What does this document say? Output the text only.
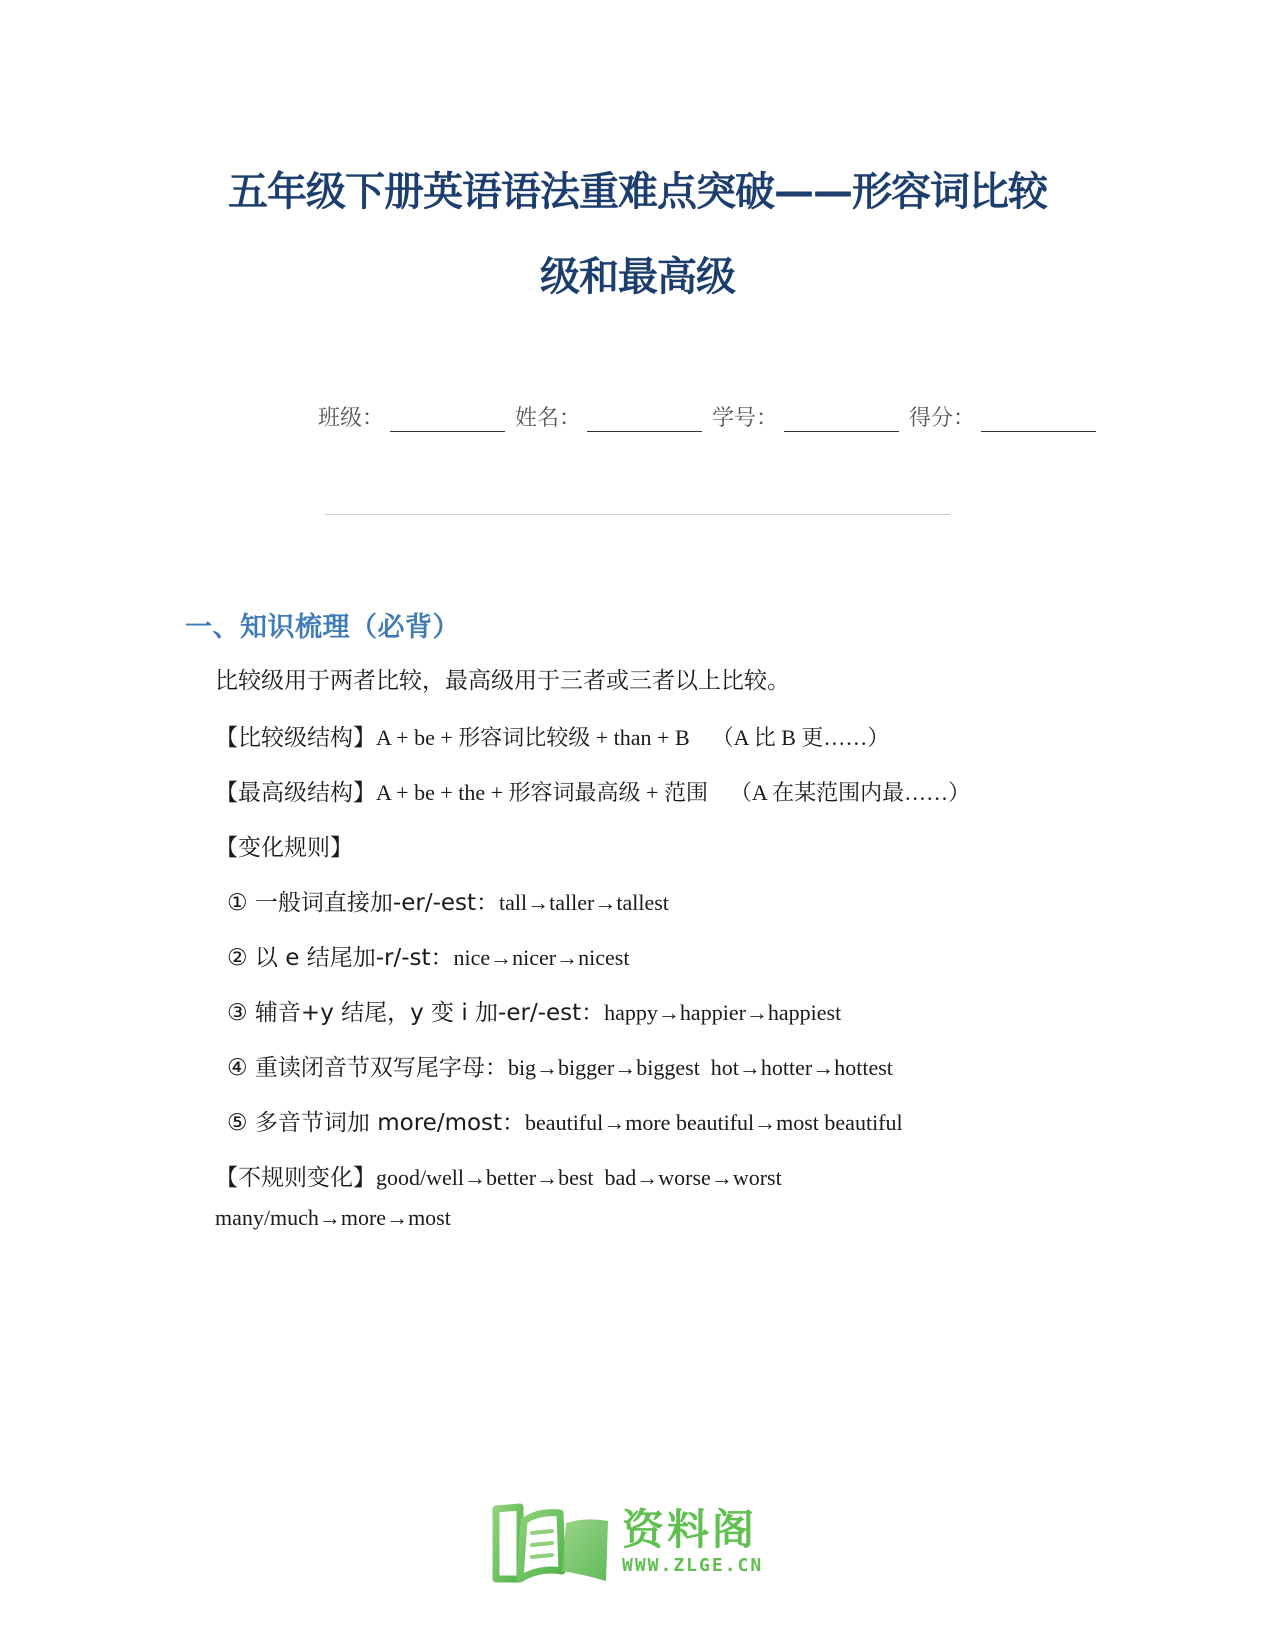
五年级下册英语语法重难点突破——形容词比较
级和最高级
班级：	姓名：	学号：	得分：
一、知识梳理（必背）
比较级用于两者比较，最高级用于三者或三者以上比较。
【比较级结构】A + be + 形容词比较级 + than + B （A 比 B 更……）
【最高级结构】A + be + the + 形容词最高级 + 范围 （A 在某范围内最……）
【变化规则】
① 一般词直接加-er/-est：tall→taller→tallest
② 以 e 结尾加-r/-st：nice→nicer→nicest
③ 辅音+y 结尾，y 变 i 加-er/-est：happy→happier→happiest
④ 重读闭音节双写尾字母：big→bigger→biggest  hot→hotter→hottest
⑤ 多音节词加 more/most：beautiful→more beautiful→most beautiful
【不规则变化】good/well→better→best  bad→worse→worst
many/much→more→most
资料阁
WWW.ZLGE.CN
